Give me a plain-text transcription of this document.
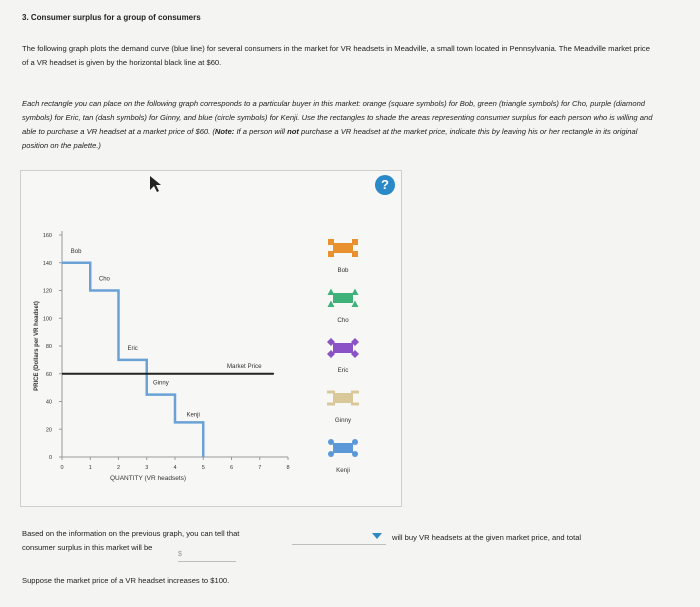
3. Consumer surplus for a group of consumers
The following graph plots the demand curve (blue line) for several consumers in the market for VR headsets in Meadville, a small town located in Pennsylvania. The Meadville market price of a VR headset is given by the horizontal black line at $60.
Each rectangle you can place on the following graph corresponds to a particular buyer in this market: orange (square symbols) for Bob, green (triangle symbols) for Cho, purple (diamond symbols) for Eric, tan (dash symbols) for Ginny, and blue (circle symbols) for Kenji. Use the rectangles to shade the areas representing consumer surplus for each person who is willing and able to purchase a VR headset at a market price of $60. (Note: If a person will not purchase a VR headset at the market price, indicate this by leaving his or her rectangle in its original position on the palette.)
?
0
20
40
60
80
100
120
140
160
0	1	2	3	4	5	6	7	8
QUANTITY (VR headsets)
PRICE (Dollars per VR headset)
Bob
Cho
Eric
Ginny
Kenji
Market Price
Bob
Cho
Eric
Ginny
Kenji
Based on the information on the previous graph, you can tell that	will buy VR headsets at the given market price, and total
consumer surplus in this market will be
$
Suppose the market price of a VR headset increases to $100.
